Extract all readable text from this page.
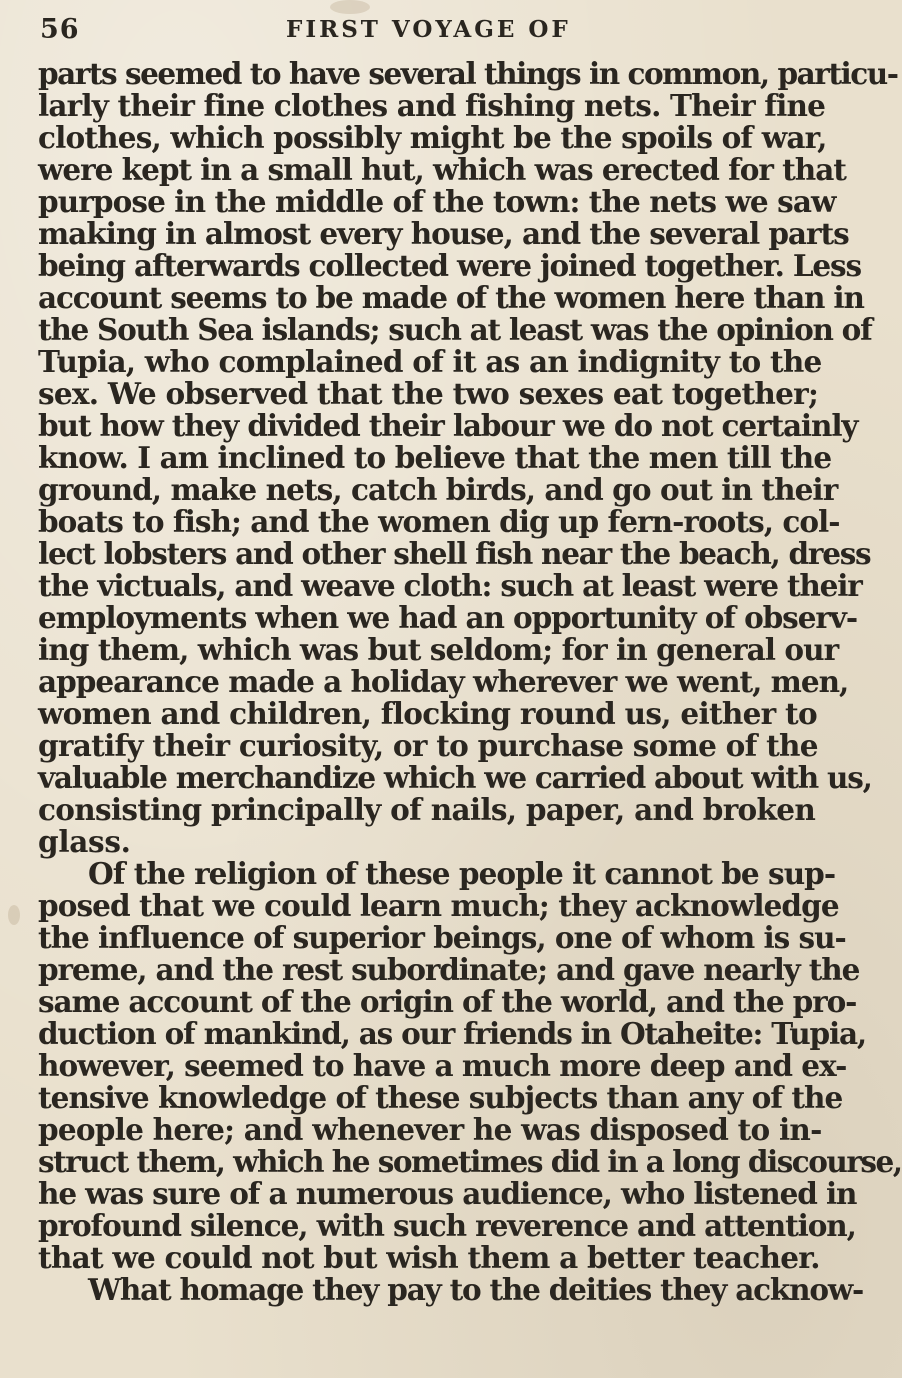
56	FIRST VOYAGE OF
parts seemed to have several things in common, particu-
larly their fine clothes and fishing nets. Their fine
clothes, which possibly might be the spoils of war,
were kept in a small hut, which was erected for that
purpose in the middle of the town: the nets we saw
making in almost every house, and the several parts
being afterwards collected were joined together. Less
account seems to be made of the women here than in
the South Sea islands; such at least was the opinion of
Tupia, who complained of it as an indignity to the
sex. We observed that the two sexes eat together;
but how they divided their labour we do not certainly
know. I am inclined to believe that the men till the
ground, make nets, catch birds, and go out in their
boats to fish; and the women dig up fern-roots, col-
lect lobsters and other shell fish near the beach, dress
the victuals, and weave cloth: such at least were their
employments when we had an opportunity of observ-
ing them, which was but seldom; for in general our
appearance made a holiday wherever we went, men,
women and children, flocking round us, either to
gratify their curiosity, or to purchase some of the
valuable merchandize which we carried about with us,
consisting principally of nails, paper, and broken
glass.
Of the religion of these people it cannot be sup-
posed that we could learn much; they acknowledge
the influence of superior beings, one of whom is su-
preme, and the rest subordinate; and gave nearly the
same account of the origin of the world, and the pro-
duction of mankind, as our friends in Otaheite: Tupia,
however, seemed to have a much more deep and ex-
tensive knowledge of these subjects than any of the
people here; and whenever he was disposed to in-
struct them, which he sometimes did in a long discourse,
he was sure of a numerous audience, who listened in
profound silence, with such reverence and attention,
that we could not but wish them a better teacher.
What homage they pay to the deities they acknow-
